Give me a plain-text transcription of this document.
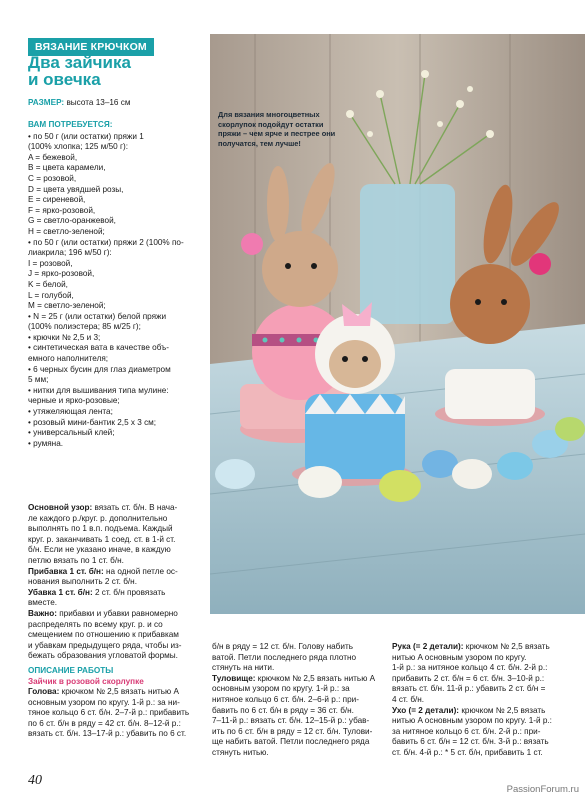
ВЯЗАНИЕ КРЮЧКОМ
Два зайчика
и овечка
РАЗМЕР: высота 13–16 см
ВАМ ПОТРЕБУЕТСЯ:

• по 50 г (или остатки) пряжи 1

(100% хлопка; 125 м/50 г):

A = бежевой,

B = цвета карамели,

C = розовой,

D = цвета увядшей розы,

E = сиреневой,

F = ярко-розовой,

G = светло-оранжевой,

H = светло-зеленой;

• по 50 г (или остатки) пряжи 2 (100% по-

лиакрила; 196 м/50 г):

I = розовой,

J = ярко-розовой,

K = белой,

L = голубой,

M = светло-зеленой;

• N = 25 г (или остатки) белой пряжи

(100% полиэстера; 85 м/25 г);

• крючки № 2,5 и 3;

• синтетическая вата в качестве объ-

емного наполнителя;

• 6 черных бусин для глаз диаметром

5 мм;

• нитки для вышивания типа мулине:

черные и ярко-розовые;

• утяжеляющая лента;

• розовый мини-бантик 2,5 х 3 см;

• универсальный клей;

• румяна.

Основной узор: вязать ст. б/н. В нача-

ле каждого р./круг. р. дополнительно

выполнять по 1 в.п. подъема. Каждый

круг. р. заканчивать 1 соед. ст. в 1-й ст.

б/н. Если не указано иначе, в каждую

петлю вязать по 1 ст. б/н.

Прибавка 1 ст. б/н: на одной петле ос-

нования выполнить 2 ст. б/н.

Убавка 1 ст. б/н: 2 ст. б/н провязать

вместе.

Важно: прибавки и убавки равномерно

распределять по всему круг. р. и со

смещением по отношению к прибавкам

и убавкам предыдущего ряда, чтобы из-

бежать образования угловатой формы.

ОПИСАНИЕ РАБОТЫ

Зайчик в розовой скорлупке

Голова: крючком № 2,5 вязать нитью A

основным узором по кругу. 1-й р.: за ни-

тяное кольцо 6 ст. б/н. 2–7-й р.: прибавить

по 6 ст. б/н в ряду = 42 ст. б/н. 8–12-й р.:

вязать ст. б/н. 13–17-й р.: убавить по 6 ст.

Для вязания многоцветных скорлупок подойдут остатки пряжи – чем ярче и пестрее они получатся, тем лучше!

б/н в ряду = 12 ст. б/н. Голову набить

ватой. Петли последнего ряда плотно

стянуть на нити.

Туловище: крючком № 2,5 вязать нитью A

основным узором по кругу. 1-й р.: за

нитяное кольцо 6 ст. б/н. 2–6-й р.: при-

бавить по 6 ст. б/н в ряду = 36 ст. б/н.

7–11-й р.: вязать ст. б/н. 12–15-й р.: убав-

ить по 6 ст. б/н в ряду = 12 ст. б/н. Тулови-

ще набить ватой. Петли последнего ряда

стянуть нитью.

Рука (= 2 детали): крючком № 2,5 вязать

нитью A основным узором по кругу.

1-й р.: за нитяное кольцо 4 ст. б/н. 2-й р.:

прибавить 2 ст. б/н = 6 ст. б/н. 3–10-й р.:

вязать ст. б/н. 11-й р.: убавить 2 ст. б/н =

4 ст. б/н.

Ухо (= 2 детали): крючком № 2,5 вязать

нитью A основным узором по кругу. 1-й р.:

за нитяное кольцо 6 ст. б/н. 2-й р.: при-

бавить 6 ст. б/н = 12 ст. б/н. 3-й р.: вязать

ст. б/н. 4-й р.: * 5 ст. б/н, прибавить 1 ст.

40
PassionForum.ru
